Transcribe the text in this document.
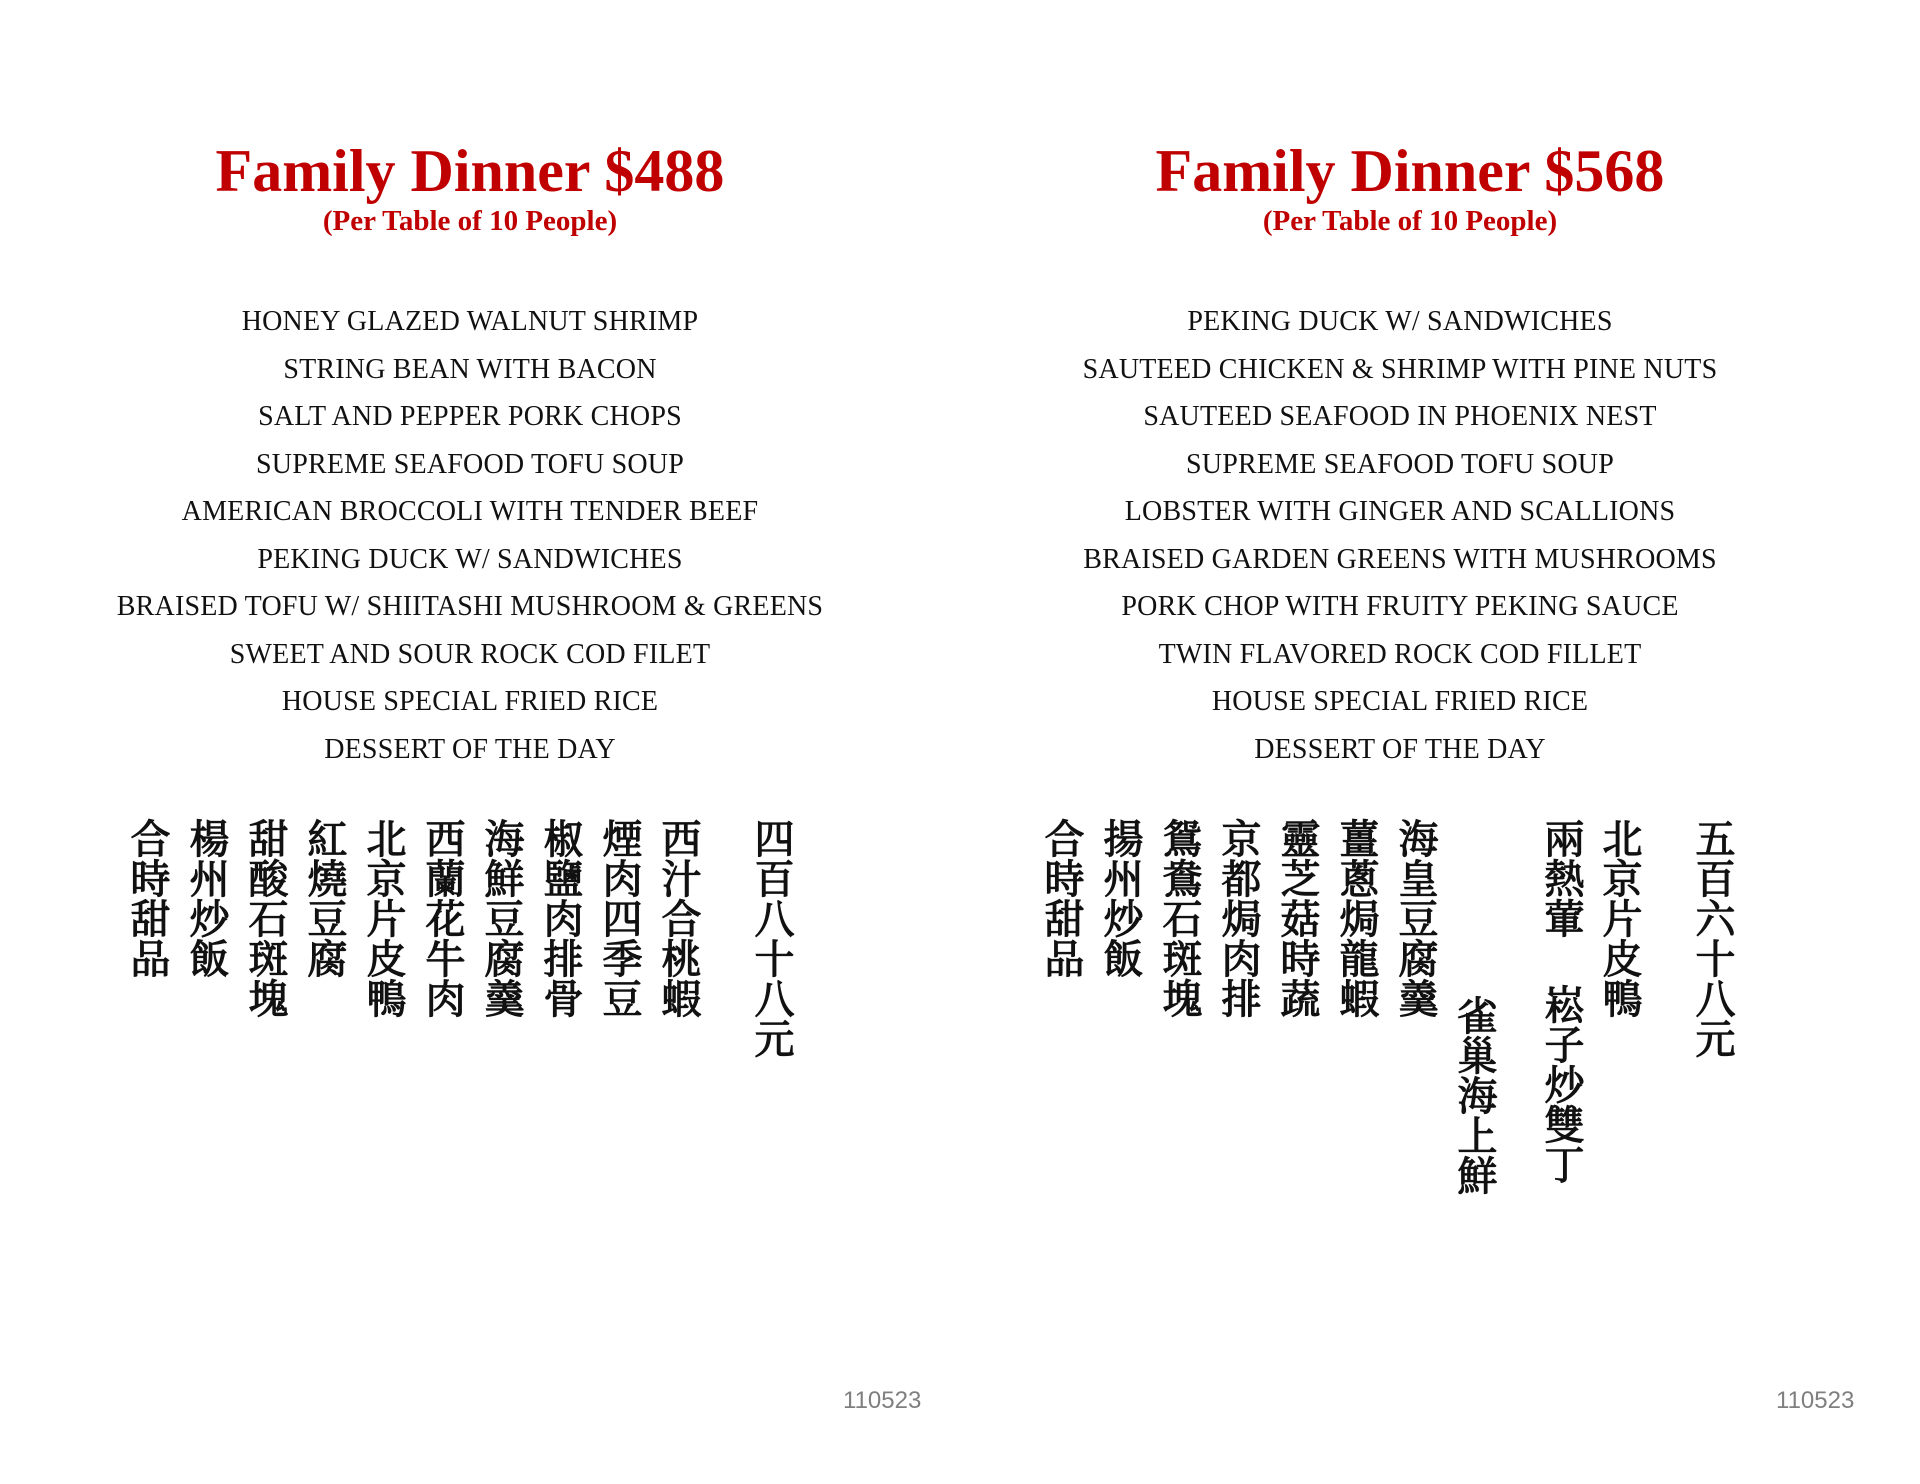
Family Dinner $488
(Per Table of 10 People)
HONEY GLAZED WALNUT SHRIMP
STRING BEAN WITH BACON
SALT AND PEPPER PORK CHOPS
SUPREME SEAFOOD TOFU SOUP
AMERICAN BROCCOLI WITH TENDER BEEF
PEKING DUCK W/ SANDWICHES
BRAISED TOFU W/ SHIITASHI MUSHROOM & GREENS
SWEET AND SOUR ROCK COD FILET
HOUSE SPECIAL FRIED RICE
DESSERT OF THE DAY
四百八十八元
西汁合桃蝦
煙肉四季豆
椒鹽肉排骨
海鮮豆腐羹
西蘭花牛肉
北京片皮鴨
紅燒豆腐
甜酸石斑塊
楊州炒飯
合時甜品
110523
Family Dinner $568
(Per Table of 10 People)
PEKING DUCK W/ SANDWICHES
SAUTEED CHICKEN & SHRIMP WITH PINE NUTS
SAUTEED SEAFOOD IN PHOENIX NEST
SUPREME SEAFOOD TOFU SOUP
LOBSTER WITH GINGER AND SCALLIONS
BRAISED GARDEN GREENS WITH MUSHROOMS
PORK CHOP WITH FRUITY PEKING SAUCE
TWIN FLAVORED ROCK COD FILLET
HOUSE SPECIAL FRIED RICE
DESSERT OF THE DAY
五百六十八元
北京片皮鴨
兩熱葷 崧子炒雙丁
雀巢海上鮮
海皇豆腐羹
薑蔥焗龍蝦
靈芝菇時蔬
京都焗肉排
鴛鴦石斑塊
揚州炒飯
合時甜品
110523
